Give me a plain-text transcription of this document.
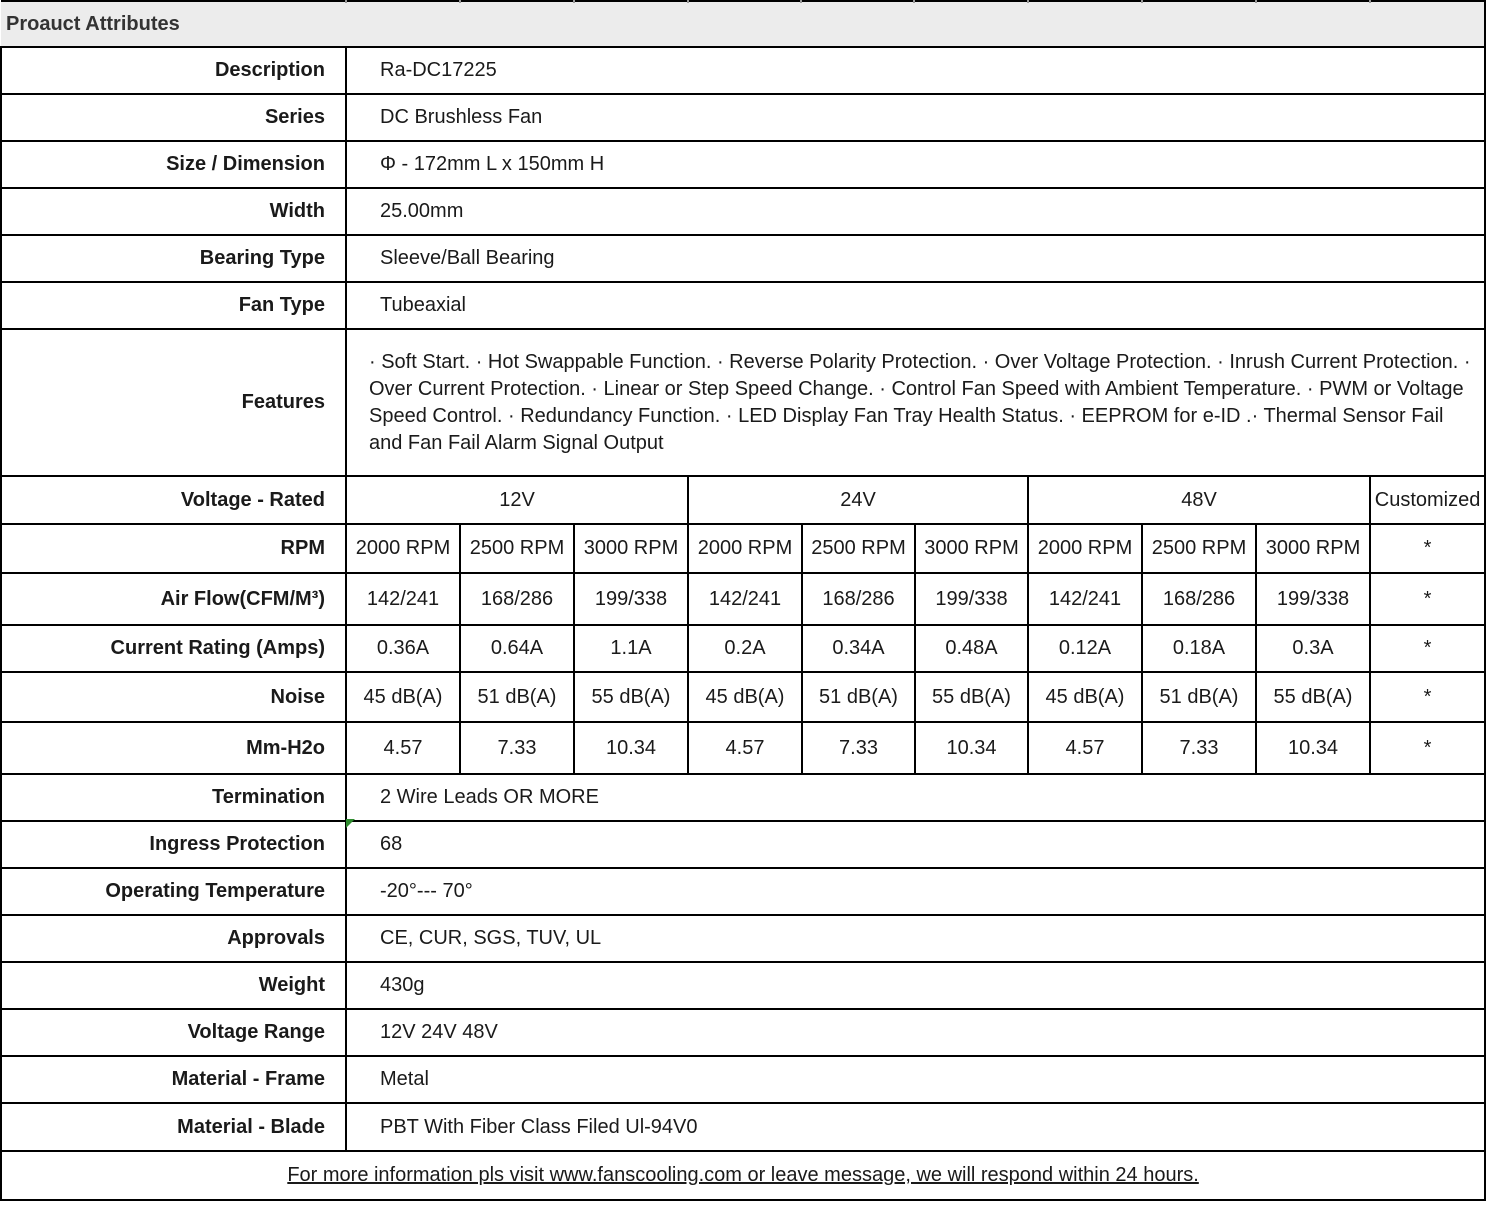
Proauct Attributes										
Description	Ra-DC17225									
Series	DC Brushless Fan									
Size / Dimension	Φ - 172mm L x 150mm H									
Width	25.00mm									
Bearing Type	Sleeve/Ball Bearing									
Fan Type	Tubeaxial									
Features	· Soft Start. · Hot Swappable Function. · Reverse Polarity Protection. · Over Voltage Protection. · Inrush Current Protection. · Over Current Protection. · Linear or Step Speed Change. · Control Fan Speed with Ambient Temperature. · PWM or Voltage Speed Control. · Redundancy Function. · LED Display Fan Tray Health Status. · EEPROM for e-ID .· Thermal Sensor Fail and Fan Fail Alarm Signal Output									
Voltage - Rated	12V			24V			48V			Customized
RPM	2000 RPM	2500 RPM	3000 RPM	2000 RPM	2500 RPM	3000 RPM	2000 RPM	2500 RPM	3000 RPM	*
Air Flow(CFM/M³)	142/241	168/286	199/338	142/241	168/286	199/338	142/241	168/286	199/338	*
Current Rating (Amps)	0.36A	0.64A	1.1A	0.2A	0.34A	0.48A	0.12A	0.18A	0.3A	*
Noise	45 dB(A)	51 dB(A)	55 dB(A)	45 dB(A)	51 dB(A)	55 dB(A)	45 dB(A)	51 dB(A)	55 dB(A)	*
Mm-H2o	4.57	7.33	10.34	4.57	7.33	10.34	4.57	7.33	10.34	*
Termination	2 Wire Leads OR MORE									
Ingress Protection	68									
Operating Temperature	-20°--- 70°									
Approvals	CE, CUR, SGS, TUV, UL									
Weight	430g									
Voltage Range	12V 24V 48V									
Material - Frame	Metal									
Material - Blade	PBT With Fiber Class Filed Ul-94V0									
For more information pls visit www.fanscooling.com or leave message, we will respond within 24 hours.										
